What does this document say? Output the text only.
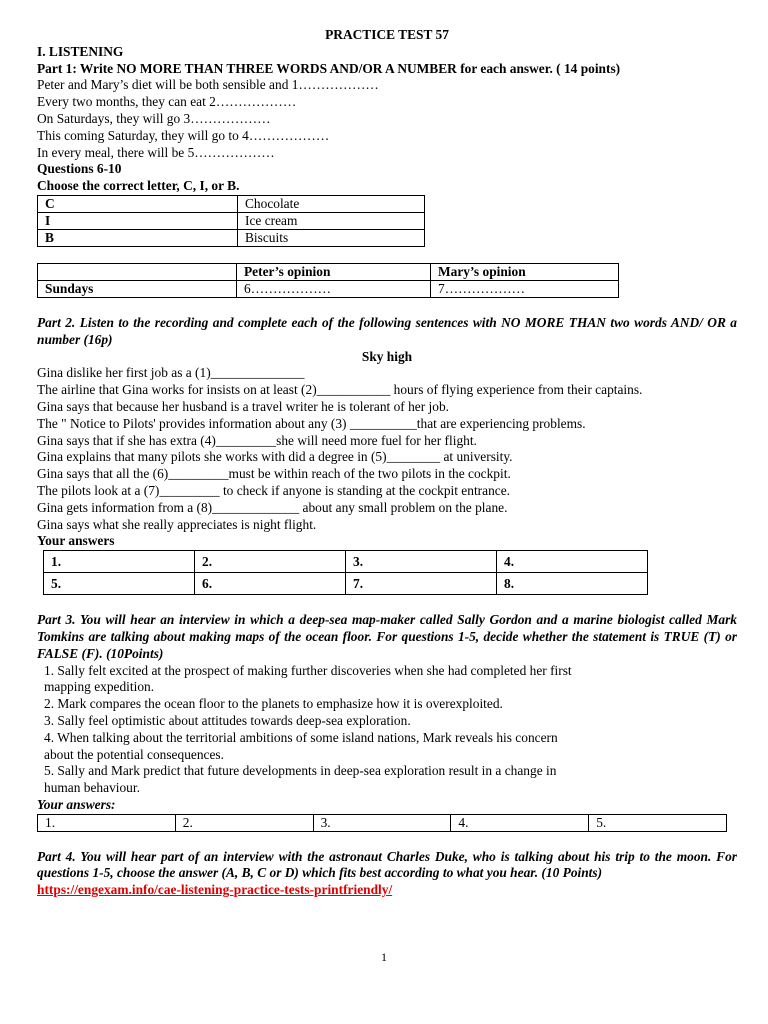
PRACTICE TEST 57
I. LISTENING
Part 1: Write NO MORE THAN THREE WORDS AND/OR A NUMBER for each answer. ( 14 points)
Peter and Mary’s diet will be both sensible and 1………………
Every two months, they can eat 2………………
On Saturdays, they will go 3………………
This coming Saturday, they will go to 4………………
In every meal, there will be 5………………
Questions 6-10
Choose the correct letter, C, I, or B.
C	Chocolate
I	Ice cream
B	Biscuits
	Peter’s opinion	Mary’s opinion
Sundays	6………………	7………………
Part 2. Listen to the recording and complete each of the following sentences with NO MORE THAN two words AND/ OR a number (16p)
Sky high
Gina dislike her first job as a (1)______________
The airline that Gina works for insists on at least (2)___________ hours of flying experience from their captains.
Gina says that because her husband is a travel writer he is tolerant of her job.
The " Notice to Pilots' provides information about any (3) __________that are experiencing problems.
Gina says that if she has extra (4)_________she will need more fuel for her flight.
Gina explains that many pilots she works with did a degree in (5)________ at university.
Gina says that all the (6)_________must be within reach of the two pilots in the cockpit.
The pilots look at a (7)_________ to check if anyone is standing at the cockpit entrance.
Gina gets information from a (8)_____________ about any small problem on the plane.
Gina says what she really appreciates is night flight.
Your answers
1.	2.	3.	4.
5.	6.	7.	8.
Part 3. You will hear an interview in which a deep-sea map-maker called Sally Gordon and a marine biologist called Mark Tomkins are talking about making maps of the ocean floor. For questions 1-5, decide whether the statement is TRUE (T) or FALSE (F). (10Points)
1. Sally felt excited at the prospect of making further discoveries when she had completed her first
mapping expedition.
2. Mark compares the ocean floor to the planets to emphasize how it is overexploited.
3. Sally feel optimistic about attitudes towards deep-sea exploration.
4. When talking about the territorial ambitions of some island nations, Mark reveals his concern
about the potential consequences.
5. Sally and Mark predict that future developments in deep-sea exploration result in a change in
human behaviour.
Your answers:
1.	2.	3.	4.	5.
Part 4. You will hear part of an interview with the astronaut Charles Duke, who is talking about his trip to the moon. For questions 1-5, choose the answer (A, B, C or D) which fits best according to what you hear. (10 Points)
https://engexam.info/cae-listening-practice-tests-printfriendly/
1
